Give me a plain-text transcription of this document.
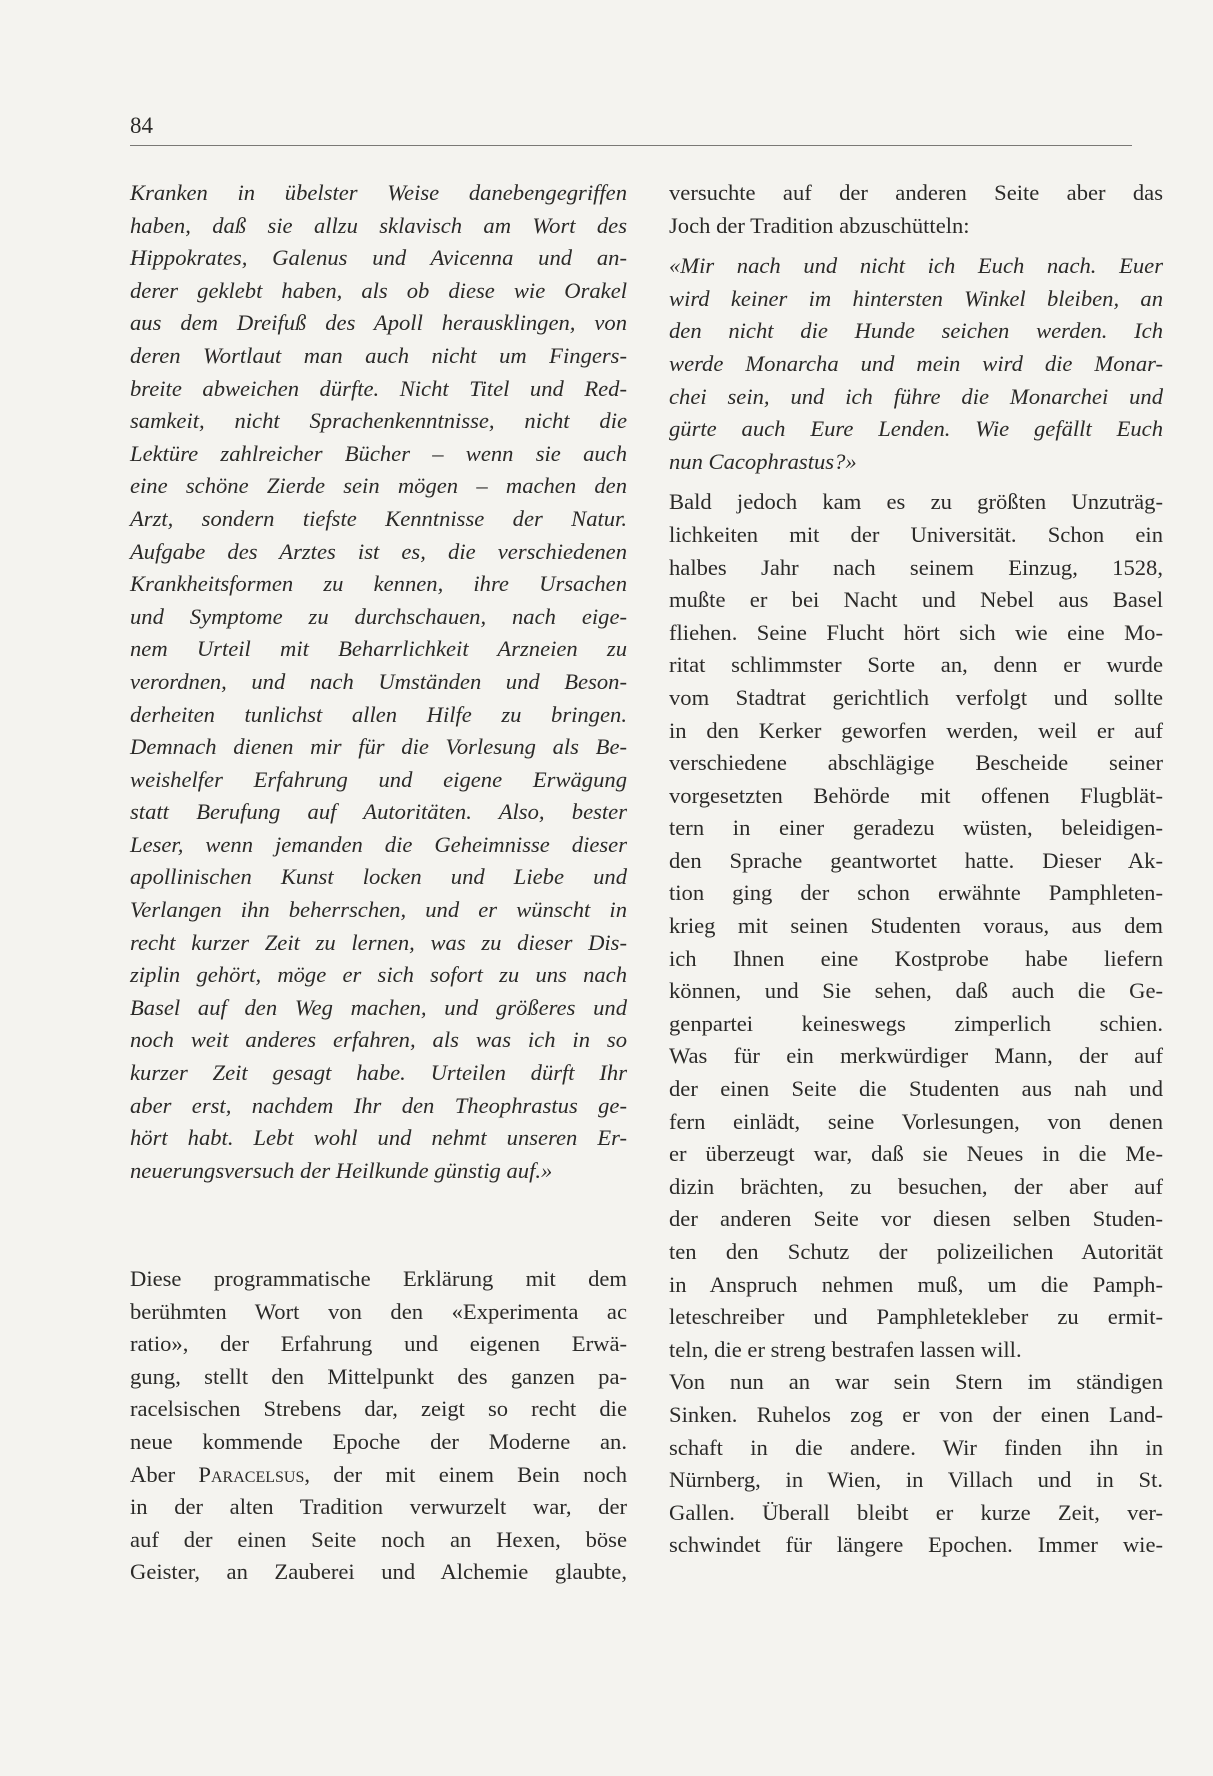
84
Kranken in übelster Weise danebengegriffen
haben, daß sie allzu sklavisch am Wort des
Hippokrates, Galenus und Avicenna und an-
derer geklebt haben, als ob diese wie Orakel
aus dem Dreifuß des Apoll herausklingen, von
deren Wortlaut man auch nicht um Fingers-
breite abweichen dürfte. Nicht Titel und Red-
samkeit, nicht Sprachenkenntnisse, nicht die
Lektüre zahlreicher Bücher – wenn sie auch
eine schöne Zierde sein mögen – machen den
Arzt, sondern tiefste Kenntnisse der Natur.
Aufgabe des Arztes ist es, die verschiedenen
Krankheitsformen zu kennen, ihre Ursachen
und Symptome zu durchschauen, nach eige-
nem Urteil mit Beharrlichkeit Arzneien zu
verordnen, und nach Umständen und Beson-
derheiten tunlichst allen Hilfe zu bringen.
Demnach dienen mir für die Vorlesung als Be-
weishelfer Erfahrung und eigene Erwägung
statt Berufung auf Autoritäten. Also, bester
Leser, wenn jemanden die Geheimnisse dieser
apollinischen Kunst locken und Liebe und
Verlangen ihn beherrschen, und er wünscht in
recht kurzer Zeit zu lernen, was zu dieser Dis-
ziplin gehört, möge er sich sofort zu uns nach
Basel auf den Weg machen, und größeres und
noch weit anderes erfahren, als was ich in so
kurzer Zeit gesagt habe. Urteilen dürft Ihr
aber erst, nachdem Ihr den Theophrastus ge-
hört habt. Lebt wohl und nehmt unseren Er-
neuerungsversuch der Heilkunde günstig auf.»
Diese programmatische Erklärung mit dem
berühmten Wort von den «Experimenta ac
ratio», der Erfahrung und eigenen Erwä-
gung, stellt den Mittelpunkt des ganzen pa-
racelsischen Strebens dar, zeigt so recht die
neue kommende Epoche der Moderne an.
Aber Paracelsus, der mit einem Bein noch
in der alten Tradition verwurzelt war, der
auf der einen Seite noch an Hexen, böse
Geister, an Zauberei und Alchemie glaubte,
versuchte auf der anderen Seite aber das
Joch der Tradition abzuschütteln:
«Mir nach und nicht ich Euch nach. Euer
wird keiner im hintersten Winkel bleiben, an
den nicht die Hunde seichen werden. Ich
werde Monarcha und mein wird die Monar-
chei sein, und ich führe die Monarchei und
gürte auch Eure Lenden. Wie gefällt Euch
nun Cacophrastus?»
Bald jedoch kam es zu größten Unzuträg-
lichkeiten mit der Universität. Schon ein
halbes Jahr nach seinem Einzug, 1528,
mußte er bei Nacht und Nebel aus Basel
fliehen. Seine Flucht hört sich wie eine Mo-
ritat schlimmster Sorte an, denn er wurde
vom Stadtrat gerichtlich verfolgt und sollte
in den Kerker geworfen werden, weil er auf
verschiedene abschlägige Bescheide seiner
vorgesetzten Behörde mit offenen Flugblät-
tern in einer geradezu wüsten, beleidigen-
den Sprache geantwortet hatte. Dieser Ak-
tion ging der schon erwähnte Pamphleten-
krieg mit seinen Studenten voraus, aus dem
ich Ihnen eine Kostprobe habe liefern
können, und Sie sehen, daß auch die Ge-
genpartei keineswegs zimperlich schien.
Was für ein merkwürdiger Mann, der auf
der einen Seite die Studenten aus nah und
fern einlädt, seine Vorlesungen, von denen
er überzeugt war, daß sie Neues in die Me-
dizin brächten, zu besuchen, der aber auf
der anderen Seite vor diesen selben Studen-
ten den Schutz der polizeilichen Autorität
in Anspruch nehmen muß, um die Pamph-
leteschreiber und Pamphletekleber zu ermit-
teln, die er streng bestrafen lassen will.
Von nun an war sein Stern im ständigen
Sinken. Ruhelos zog er von der einen Land-
schaft in die andere. Wir finden ihn in
Nürnberg, in Wien, in Villach und in St.
Gallen. Überall bleibt er kurze Zeit, ver-
schwindet für längere Epochen. Immer wie-
